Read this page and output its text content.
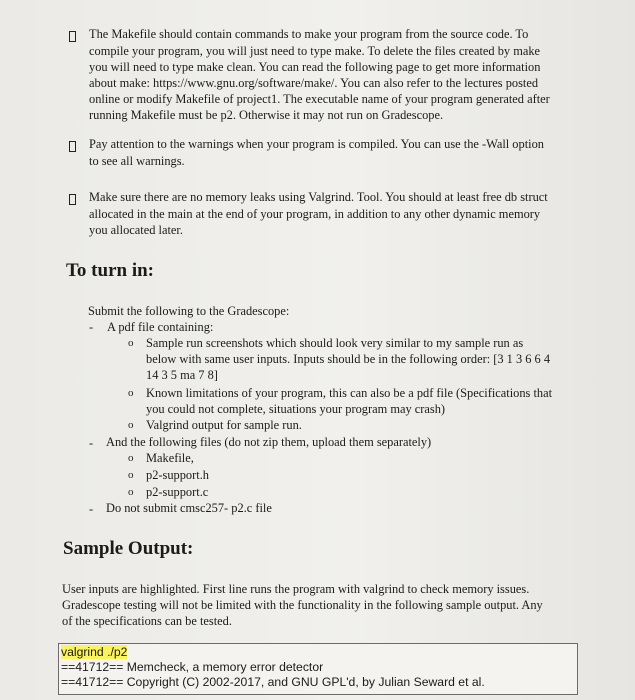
The Makefile should contain commands to make your program from the source code. To
compile your program, you will just need to type make. To delete the files created by make
you will need to type make clean. You can read the following page to get more information
about make: https://www.gnu.org/software/make/. You can also refer to the lectures posted
online or modify Makefile of project1. The executable name of your program generated after
running Makefile must be p2. Otherwise it may not run on Gradescope.
Pay attention to the warnings when your program is compiled. You can use the -Wall option
to see all warnings.
Make sure there are no memory leaks using Valgrind. Tool. You should at least free db struct
allocated in the main at the end of your program, in addition to any other dynamic memory
you allocated later.
To turn in:
Submit the following to the Gradescope:
- A pdf file containing:
o Sample run screenshots which should look very similar to my sample run as
below with same user inputs. Inputs should be in the following order: [3 1 3 6 6 4
14 3 5 ma 7 8]
o Known limitations of your program, this can also be a pdf file (Specifications that
you could not complete, situations your program may crash)
o Valgrind output for sample run.
- And the following files (do not zip them, upload them separately)
o Makefile,
o p2-support.h
o p2-support.c
- Do not submit cmsc257- p2.c file
Sample Output:
User inputs are highlighted. First line runs the program with valgrind to check memory issues.
Gradescope testing will not be limited with the functionality in the following sample output. Any
of the specifications can be tested.
valgrind ./p2
==41712== Memcheck, a memory error detector
==41712== Copyright (C) 2002-2017, and GNU GPL'd, by Julian Seward et al.
